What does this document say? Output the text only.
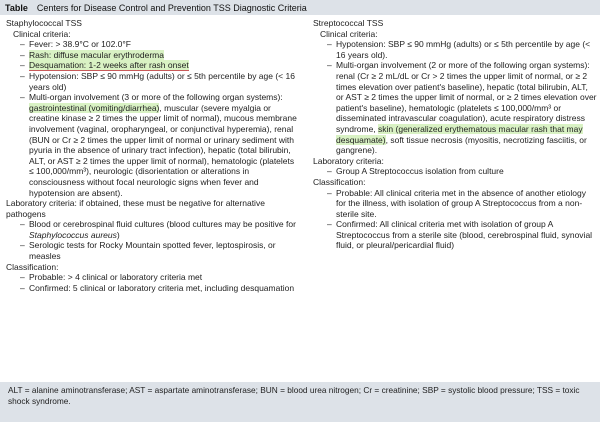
Table Centers for Disease Control and Prevention TSS Diagnostic Criteria
Staphylococcal TSS
Clinical criteria:
– Fever: > 38.9°C or 102.0°F
– Rash: diffuse macular erythroderma
– Desquamation: 1-2 weeks after rash onset
– Hypotension: SBP ≤ 90 mmHg (adults) or ≤ 5th percentile by age (< 16 years old)
– Multi-organ involvement (3 or more of the following organ systems): gastrointestinal (vomiting/diarrhea), muscular (severe myalgia or creatine kinase ≥ 2 times the upper limit of normal), mucous membrane involvement (vaginal, oropharyngeal, or conjunctival hyperemia), renal (BUN or Cr ≥ 2 times the upper limit of normal or urinary sediment with pyuria in the absence of urinary tract infection), hepatic (total bilirubin, ALT, or AST ≥ 2 times the upper limit of normal), hematologic (platelets ≤ 100,000/mm³), neurologic (disorientation or alterations in consciousness without focal neurologic signs when fever and hypotension are absent).
Laboratory criteria: if obtained, these must be negative for alternative pathogens
– Blood or cerebrospinal fluid cultures (blood cultures may be positive for Staphylococcus aureus)
– Serologic tests for Rocky Mountain spotted fever, leptospirosis, or measles
Classification:
– Probable: > 4 clinical or laboratory criteria met
– Confirmed: 5 clinical or laboratory criteria met, including desquamation
Streptococcal TSS
Clinical criteria:
– Hypotension: SBP ≤ 90 mmHg (adults) or ≤ 5th percentile by age (< 16 years old).
– Multi-organ involvement (2 or more of the following organ systems): renal (Cr ≥ 2 mL/dL or Cr > 2 times the upper limit of normal, or ≥ 2 times elevation over patient's baseline), hepatic (total bilirubin, ALT, or AST ≥ 2 times the upper limit of normal, or ≥ 2 times elevation over patient's baseline), hematologic (platelets ≤ 100,000/mm³ or disseminated intravascular coagulation), acute respiratory distress syndrome, skin (generalized erythematous macular rash that may desquamate), soft tissue necrosis (myositis, necrotizing fasciitis, or gangrene).
Laboratory criteria:
– Group A Streptococcus isolation from culture
Classification:
– Probable: All clinical criteria met in the absence of another etiology for the illness, with isolation of group A Streptococcus from a non-sterile site.
– Confirmed: All clinical criteria met with isolation of group A Streptococcus from a sterile site (blood, cerebrospinal fluid, synovial fluid, or pleural/pericardial fluid)
ALT = alanine aminotransferase; AST = aspartate aminotransferase; BUN = blood urea nitrogen; Cr = creatinine; SBP = systolic blood pressure; TSS = toxic shock syndrome.
